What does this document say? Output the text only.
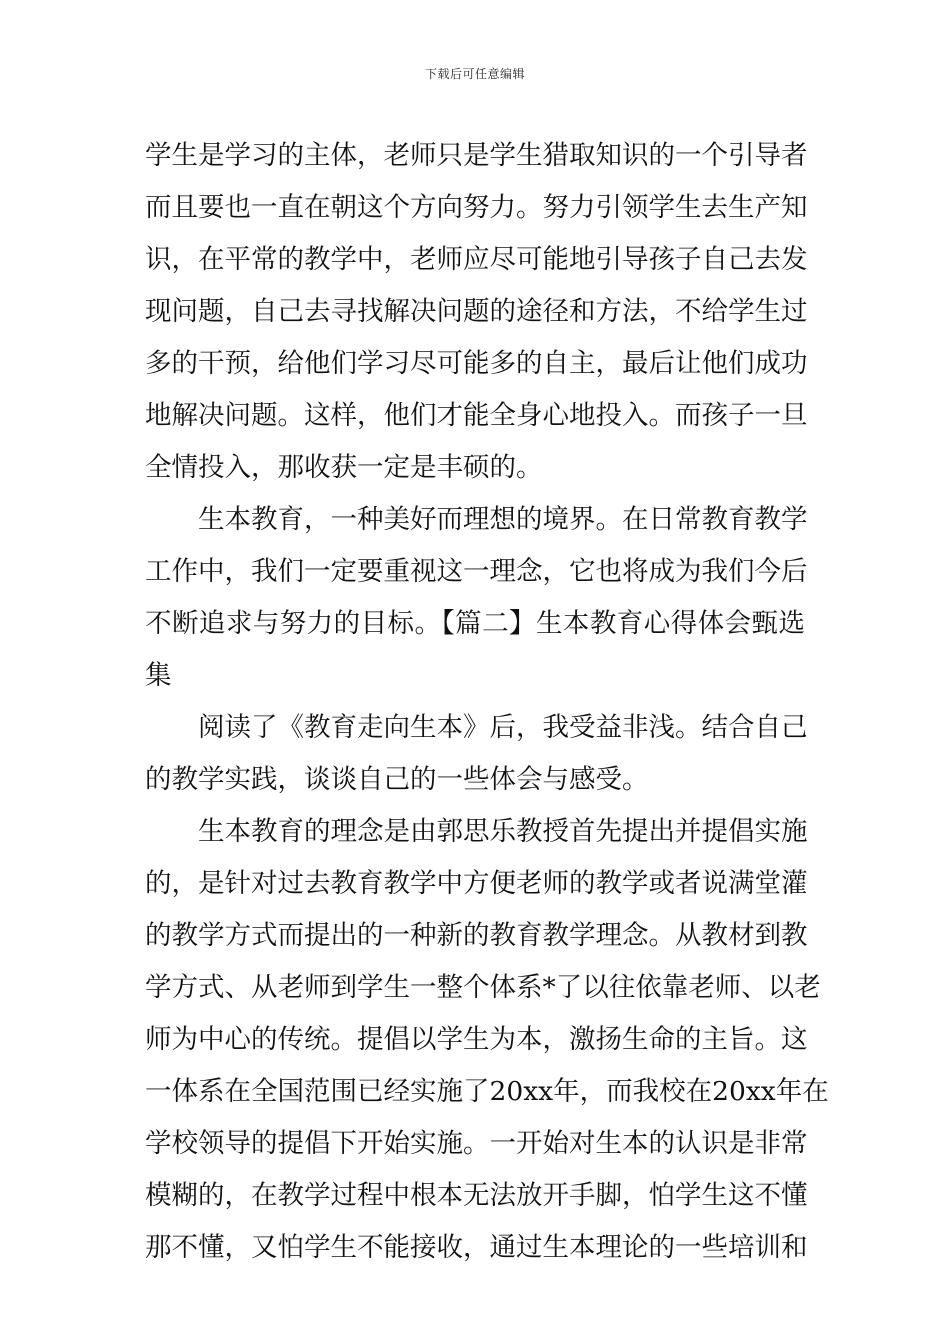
下载后可任意编辑
学生是学习的主体，老师只是学生猎取知识的一个引导者
而且要也一直在朝这个方向努力。努力引领学生去生产知
识，在平常的教学中，老师应尽可能地引导孩子自己去发
现问题，自己去寻找解决问题的途径和方法，不给学生过
多的干预，给他们学习尽可能多的自主，最后让他们成功
地解决问题。这样，他们才能全身心地投入。而孩子一旦
全情投入，那收获一定是丰硕的。
生本教育，一种美好而理想的境界。在日常教育教学
工作中，我们一定要重视这一理念，它也将成为我们今后
不断追求与努力的目标。【篇二】生本教育心得体会甄选
集
阅读了《教育走向生本》后，我受益非浅。结合自己
的教学实践，谈谈自己的一些体会与感受。
生本教育的理念是由郭思乐教授首先提出并提倡实施
的，是针对过去教育教学中方便老师的教学或者说满堂灌
的教学方式而提出的一种新的教育教学理念。从教材到教
学方式、从老师到学生一整个体系*了以往依靠老师、以老
师为中心的传统。提倡以学生为本，激扬生命的主旨。这
一体系在全国范围已经实施了20xx年，而我校在20xx年在
学校领导的提倡下开始实施。一开始对生本的认识是非常
模糊的，在教学过程中根本无法放开手脚，怕学生这不懂
那不懂，又怕学生不能接收，通过生本理论的一些培训和
